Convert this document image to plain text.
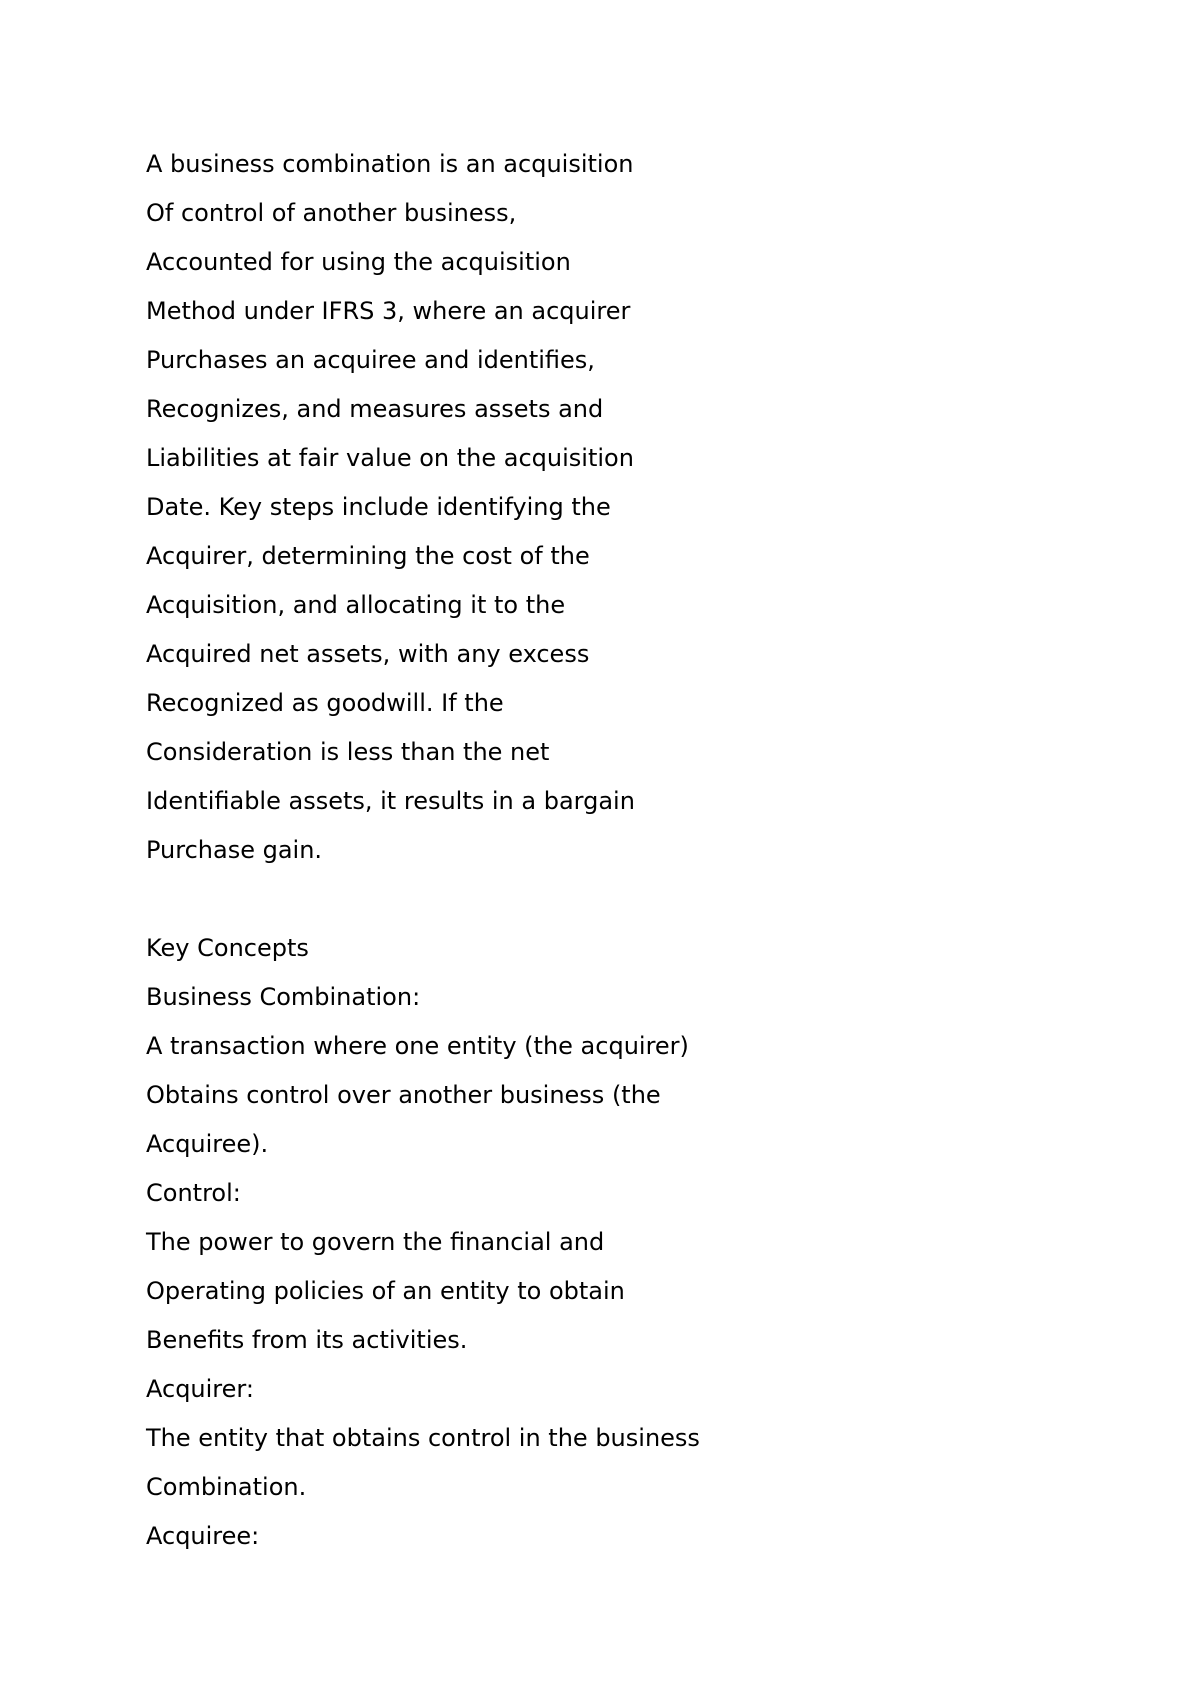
A business combination is an acquisition
Of control of another business,
Accounted for using the acquisition
Method under IFRS 3, where an acquirer
Purchases an acquiree and identifies,
Recognizes, and measures assets and
Liabilities at fair value on the acquisition
Date. Key steps include identifying the
Acquirer, determining the cost of the
Acquisition, and allocating it to the
Acquired net assets, with any excess
Recognized as goodwill. If the
Consideration is less than the net
Identifiable assets, it results in a bargain
Purchase gain.
Key Concepts
Business Combination:
A transaction where one entity (the acquirer)
Obtains control over another business (the
Acquiree).
Control:
The power to govern the financial and
Operating policies of an entity to obtain
Benefits from its activities.
Acquirer:
The entity that obtains control in the business
Combination.
Acquiree:
